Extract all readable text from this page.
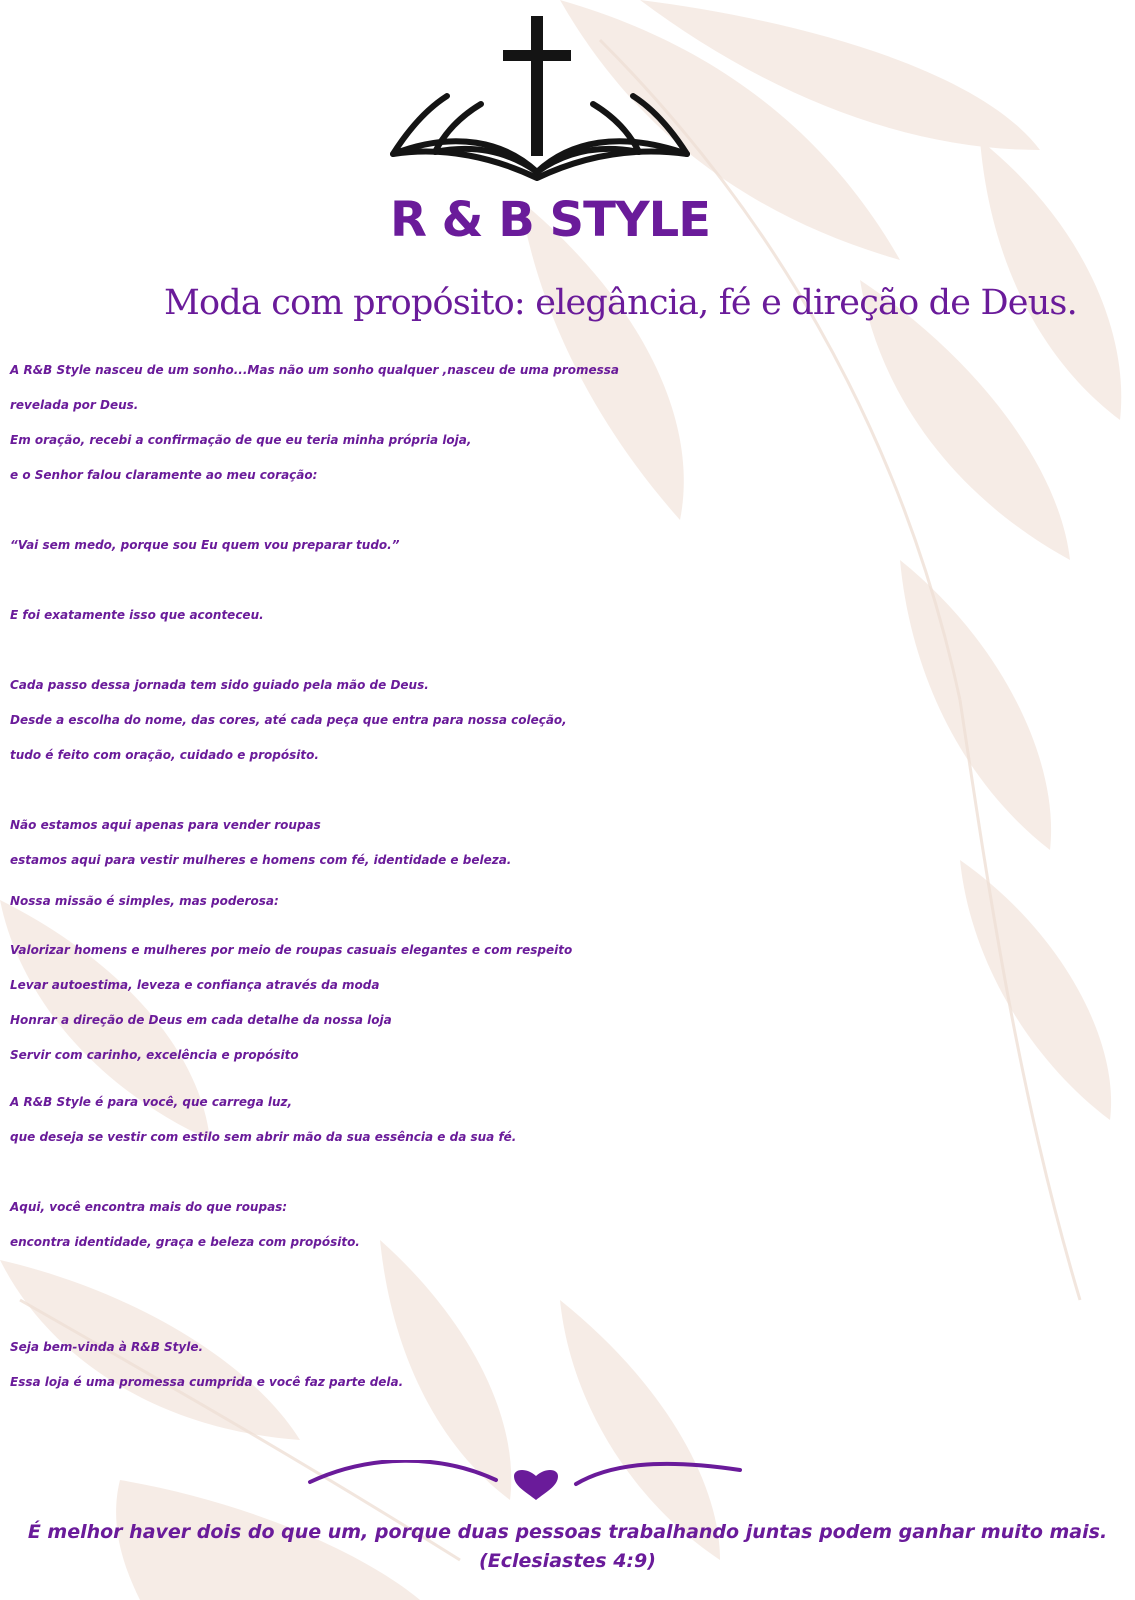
R & B STYLE
Moda com propósito: elegância, fé e direção de Deus.
A R&B Style nasceu de um sonho...Mas não um sonho qualquer ,nasceu de uma promessa
revelada por Deus.
Em oração, recebi a confirmação de que eu teria minha própria loja,
e o Senhor falou claramente ao meu coração:
“Vai sem medo, porque sou Eu quem vou preparar tudo.”
E foi exatamente isso que aconteceu.
Cada passo dessa jornada tem sido guiado pela mão de Deus.
Desde a escolha do nome, das cores, até cada peça que entra para nossa coleção,
tudo é feito com oração, cuidado e propósito.
Não estamos aqui apenas para vender roupas
estamos aqui para vestir mulheres e homens com fé, identidade e beleza.
Nossa missão é simples, mas poderosa:
Valorizar homens e mulheres por meio de roupas casuais elegantes e com respeito
Levar autoestima, leveza e confiança através da moda
Honrar a direção de Deus em cada detalhe da nossa loja
Servir com carinho, excelência e propósito
A R&B Style é para você, que carrega luz,
que deseja se vestir com estilo sem abrir mão da sua essência e da sua fé.
Aqui, você encontra mais do que roupas:
encontra identidade, graça e beleza com propósito.
Seja bem-vinda à R&B Style.
Essa loja é uma promessa cumprida e você faz parte dela.
É melhor haver dois do que um, porque duas pessoas trabalhando juntas podem ganhar muito mais.
(Eclesiastes 4:9)
